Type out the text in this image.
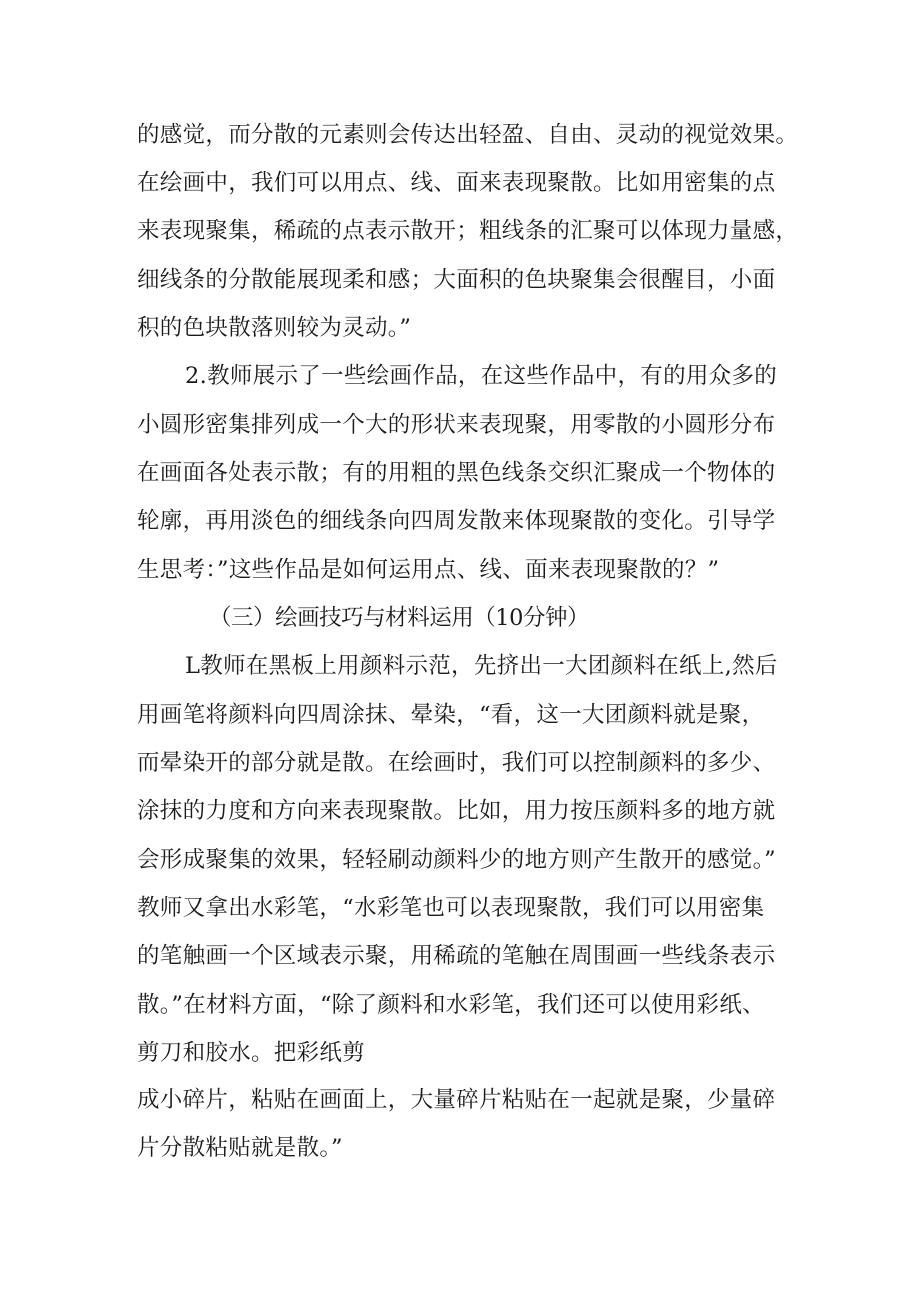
的感觉，而分散的元素则会传达出轻盈、自由、灵动的视觉效果。
在绘画中，我们可以用点、线、面来表现聚散。比如用密集的点
来表现聚集，稀疏的点表示散开；粗线条的汇聚可以体现力量感，
细线条的分散能展现柔和感；大面积的色块聚集会很醒目，小面
积的色块散落则较为灵动。”
2.教师展示了一些绘画作品，在这些作品中，有的用众多的
小圆形密集排列成一个大的形状来表现聚，用零散的小圆形分布
在画面各处表示散；有的用粗的黑色线条交织汇聚成一个物体的
轮廓，再用淡色的细线条向四周发散来体现聚散的变化。引导学
生思考：”这些作品是如何运用点、线、面来表现聚散的？”
（三）绘画技巧与材料运用（10分钟）
L教师在黑板上用颜料示范，先挤出一大团颜料在纸上,然后
用画笔将颜料向四周涂抹、晕染，“看，这一大团颜料就是聚，
而晕染开的部分就是散。在绘画时，我们可以控制颜料的多少、
涂抹的力度和方向来表现聚散。比如，用力按压颜料多的地方就
会形成聚集的效果，轻轻刷动颜料少的地方则产生散开的感觉。”
教师又拿出水彩笔，“水彩笔也可以表现聚散，我们可以用密集
的笔触画一个区域表示聚，用稀疏的笔触在周围画一些线条表示
散。”在材料方面，“除了颜料和水彩笔，我们还可以使用彩纸、
剪刀和胶水。把彩纸剪
成小碎片，粘贴在画面上，大量碎片粘贴在一起就是聚，少量碎
片分散粘贴就是散。”
